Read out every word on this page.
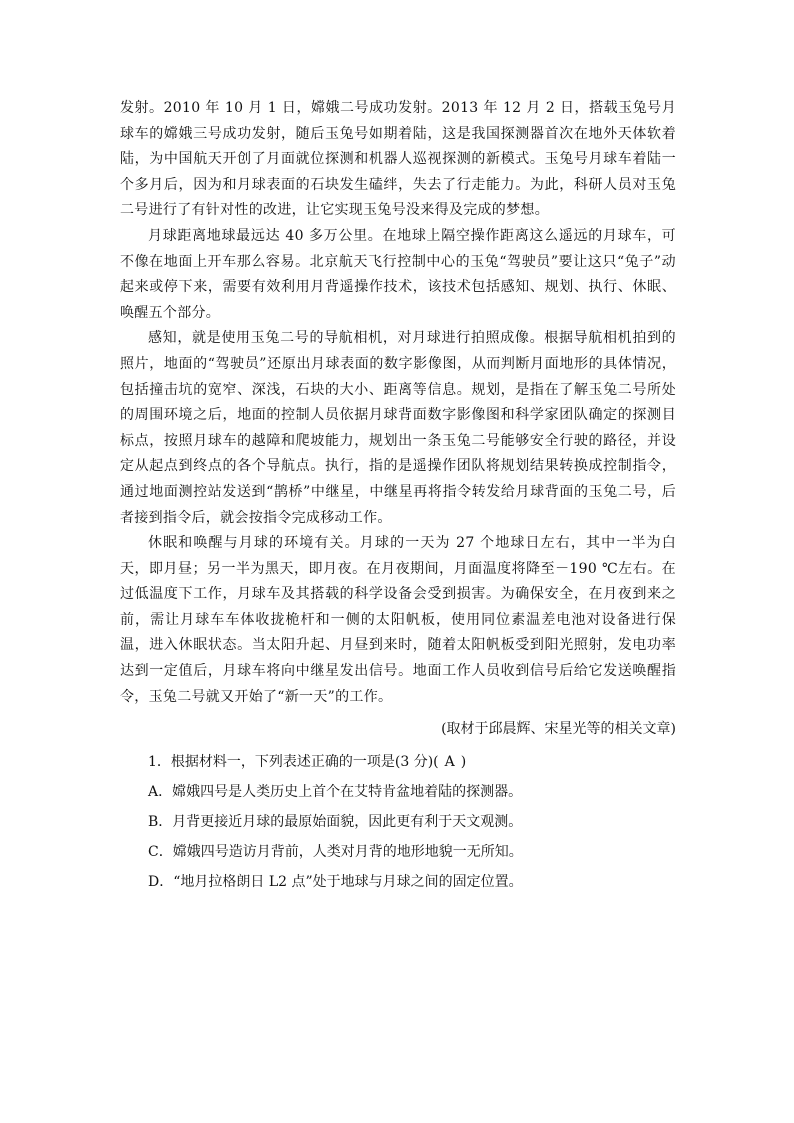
发射。2010 年 10 月 1 日，嫦娥二号成功发射。2013 年 12 月 2 日，搭载玉兔号月球车的嫦娥三号成功发射，随后玉兔号如期着陆，这是我国探测器首次在地外天体软着陆，为中国航天开创了月面就位探测和机器人巡视探测的新模式。玉兔号月球车着陆一个多月后，因为和月球表面的石块发生磕绊，失去了行走能力。为此，科研人员对玉兔二号进行了有针对性的改进，让它实现玉兔号没来得及完成的梦想。

月球距离地球最远达 40 多万公里。在地球上隔空操作距离这么遥远的月球车，可不像在地面上开车那么容易。北京航天飞行控制中心的玉兔“驾驶员”要让这只“兔子”动起来或停下来，需要有效利用月背遥操作技术，该技术包括感知、规划、执行、休眠、唤醒五个部分。

感知，就是使用玉兔二号的导航相机，对月球进行拍照成像。根据导航相机拍到的照片，地面的“驾驶员”还原出月球表面的数字影像图，从而判断月面地形的具体情况，包括撞击坑的宽窄、深浅，石块的大小、距离等信息。规划，是指在了解玉兔二号所处的周围环境之后，地面的控制人员依据月球背面数字影像图和科学家团队确定的探测目标点，按照月球车的越障和爬坡能力，规划出一条玉兔二号能够安全行驶的路径，并设定从起点到终点的各个导航点。执行，指的是遥操作团队将规划结果转换成控制指令，通过地面测控站发送到“鹊桥”中继星，中继星再将指令转发给月球背面的玉兔二号，后者接到指令后，就会按指令完成移动工作。

休眠和唤醒与月球的环境有关。月球的一天为 27 个地球日左右，其中一半为白天，即月昼；另一半为黑天，即月夜。在月夜期间，月面温度将降至－190 ℃左右。在过低温度下工作，月球车及其搭载的科学设备会受到损害。为确保安全，在月夜到来之前，需让月球车车体收拢桅杆和一侧的太阳帆板，使用同位素温差电池对设备进行保温，进入休眠状态。当太阳升起、月昼到来时，随着太阳帆板受到阳光照射，发电功率达到一定值后，月球车将向中继星发出信号。地面工作人员收到信号后给它发送唤醒指令，玉兔二号就又开始了“新一天”的工作。

(取材于邱晨辉、宋星光等的相关文章)

1．根据材料一，下列表述正确的一项是(3 分)( A )

A．嫦娥四号是人类历史上首个在艾特肯盆地着陆的探测器。

B．月背更接近月球的最原始面貌，因此更有利于天文观测。

C．嫦娥四号造访月背前，人类对月背的地形地貌一无所知。

D．“地月拉格朗日 L2 点”处于地球与月球之间的固定位置。
